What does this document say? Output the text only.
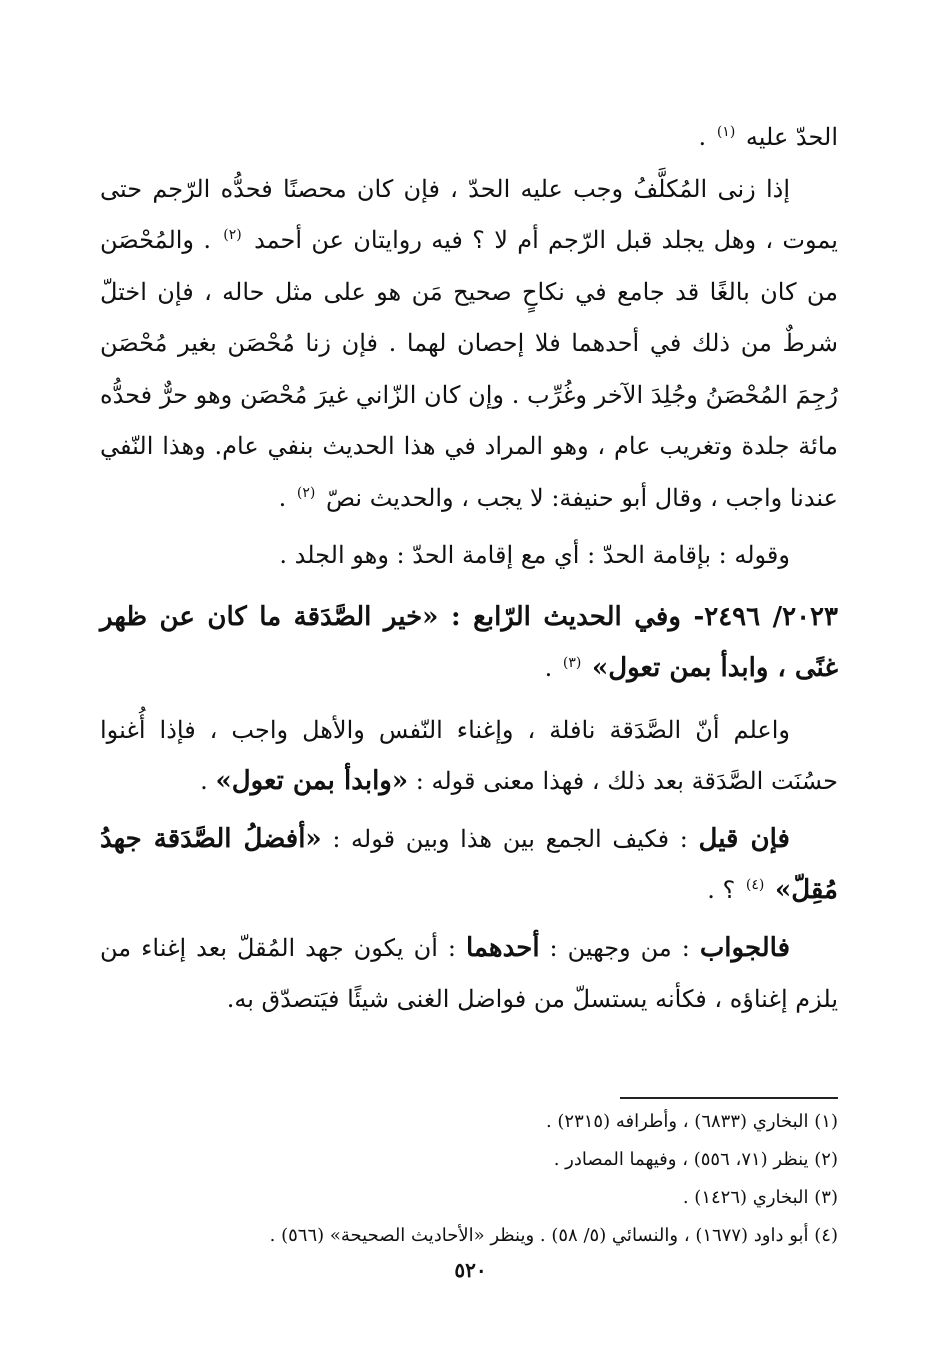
الحدّ عليه $^{(١)}$ .

إذا زنى المُكلَّفُ وجب عليه الحدّ ، فإن كان محصنًا فحدُّه الرّجم حتى يموت ، وهل يجلد قبل الرّجم أم لا ؟ فيه روايتان عن أحمد $^{(٢)}$ . والمُحْصَن من كان بالغًا قد جامع في نكاحٍ صحيح مَن هو على مثل حاله ، فإن اختلّ شرطٌ من ذلك في أحدهما فلا إحصان لهما . فإن زنا مُحْصَن بغير مُحْصَن رُجِمَ المُحْصَنُ وجُلِدَ الآخر وغُرِّب . وإن كان الزّاني غيرَ مُحْصَن وهو حرٌّ فحدُّه مائة جلدة وتغريب عام ، وهو المراد في هذا الحديث بنفي عام. وهذا النّفي عندنا واجب ، وقال أبو حنيفة: لا يجب ، والحديث نصّ $^{(٢)}$ .

وقوله : بإقامة الحدّ : أي مع إقامة الحدّ : وهو الجلد .

٢٠٢٣/ ٢٤٩٦- وفي الحديث الرّابع : «خير الصَّدَقة ما كان عن ظهر غنًى ، وابدأ بمن تعول» $^{(٣)}$ .

واعلم أنّ الصَّدَقة نافلة ، وإغناء النّفس والأهل واجب ، فإذا أُغنوا حسُنَت الصَّدَقة بعد ذلك ، فهذا معنى قوله : «وابدأ بمن تعول» .

فإن قيل : فكيف الجمع بين هذا وبين قوله : «أفضلُ الصَّدَقة جهدُ مُقِلّ» $^{(٤)}$ ؟ .

فالجواب : من وجهين : أحدهما : أن يكون جهد المُقلّ بعد إغناء من يلزم إغناؤه ، فكأنه يستسلّ من فواضل الغنى شيئًا فيَتصدّق به.

(١) البخاري (٦٨٣٣) ، وأطرافه (٢٣١٥) .

(٢) ينظر (٧١، ٥٥٦) ، وفيهما المصادر .

(٣) البخاري (١٤٢٦) .

(٤) أبو داود (١٦٧٧) ، والنسائي (٥/ ٥٨) . وينظر «الأحاديث الصحيحة» (٥٦٦) .

٥٢٠
